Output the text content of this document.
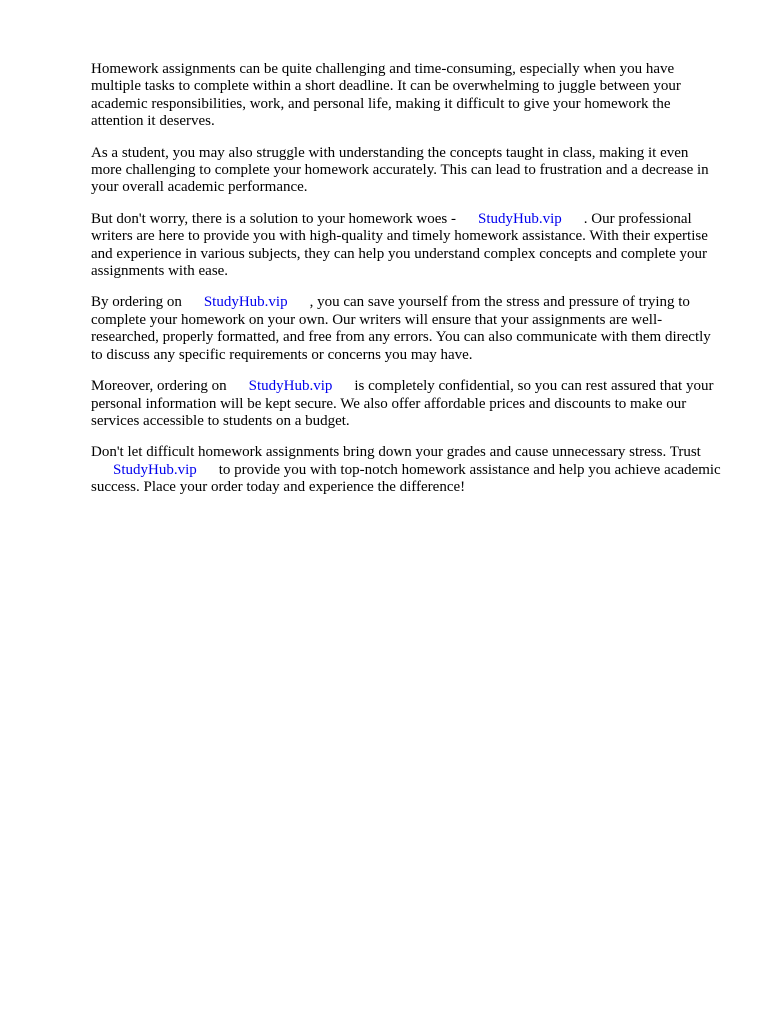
Homework assignments can be quite challenging and time-consuming, especially when you have multiple tasks to complete within a short deadline. It can be overwhelming to juggle between your academic responsibilities, work, and personal life, making it difficult to give your homework the attention it deserves.

As a student, you may also struggle with understanding the concepts taught in class, making it even more challenging to complete your homework accurately. This can lead to frustration and a decrease in your overall academic performance.

But don't worry, there is a solution to your homework woes - StudyHub.vip . Our professional writers are here to provide you with high-quality and timely homework assistance. With their expertise and experience in various subjects, they can help you understand complex concepts and complete your assignments with ease.

By ordering on StudyHub.vip , you can save yourself from the stress and pressure of trying to complete your homework on your own. Our writers will ensure that your assignments are well-researched, properly formatted, and free from any errors. You can also communicate with them directly to discuss any specific requirements or concerns you may have.

Moreover, ordering on StudyHub.vip is completely confidential, so you can rest assured that your personal information will be kept secure. We also offer affordable prices and discounts to make our services accessible to students on a budget.

Don't let difficult homework assignments bring down your grades and cause unnecessary stress. TrustStudyHub.vip to provide you with top-notch homework assistance and help you achieve academic success. Place your order today and experience the difference!
